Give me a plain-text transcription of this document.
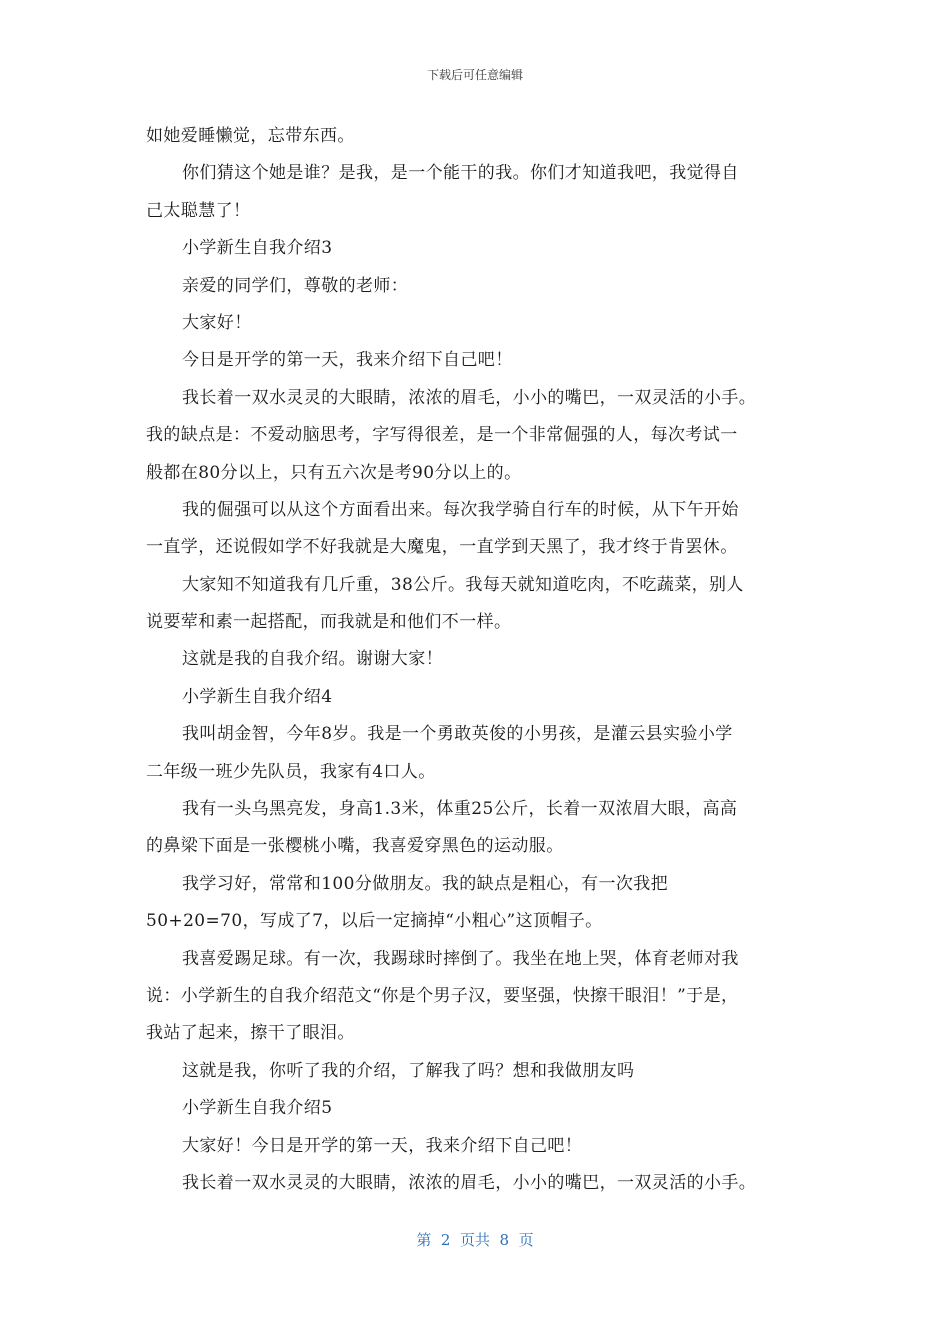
下载后可任意编辑
如她爱睡懒觉，忘带东西。
你们猜这个她是谁？是我，是一个能干的我。你们才知道我吧，我觉得自
己太聪慧了！
小学新生自我介绍3
亲爱的同学们，尊敬的老师：
大家好！
今日是开学的第一天，我来介绍下自己吧！
我长着一双水灵灵的大眼睛，浓浓的眉毛，小小的嘴巴，一双灵活的小手。
我的缺点是：不爱动脑思考，字写得很差，是一个非常倔强的人，每次考试一
般都在80分以上，只有五六次是考90分以上的。
我的倔强可以从这个方面看出来。每次我学骑自行车的时候，从下午开始
一直学，还说假如学不好我就是大魔鬼，一直学到天黑了，我才终于肯罢休。
大家知不知道我有几斤重，38公斤。我每天就知道吃肉，不吃蔬菜，别人
说要荤和素一起搭配，而我就是和他们不一样。
这就是我的自我介绍。谢谢大家！
小学新生自我介绍4
我叫胡金智，今年8岁。我是一个勇敢英俊的小男孩，是灌云县实验小学
二年级一班少先队员，我家有4口人。
我有一头乌黑亮发，身高1.3米，体重25公斤，长着一双浓眉大眼，高高
的鼻梁下面是一张樱桃小嘴，我喜爱穿黑色的运动服。
我学习好，常常和100分做朋友。我的缺点是粗心，有一次我把
50+20=70，写成了7，以后一定摘掉“小粗心”这顶帽子。
我喜爱踢足球。有一次，我踢球时摔倒了。我坐在地上哭，体育老师对我
说：小学新生的自我介绍范文“你是个男子汉，要坚强，快擦干眼泪！”于是，
我站了起来，擦干了眼泪。
这就是我，你听了我的介绍，了解我了吗？想和我做朋友吗
小学新生自我介绍5
大家好！今日是开学的第一天，我来介绍下自己吧！
我长着一双水灵灵的大眼睛，浓浓的眉毛，小小的嘴巴，一双灵活的小手。
第  2  页共  8  页
